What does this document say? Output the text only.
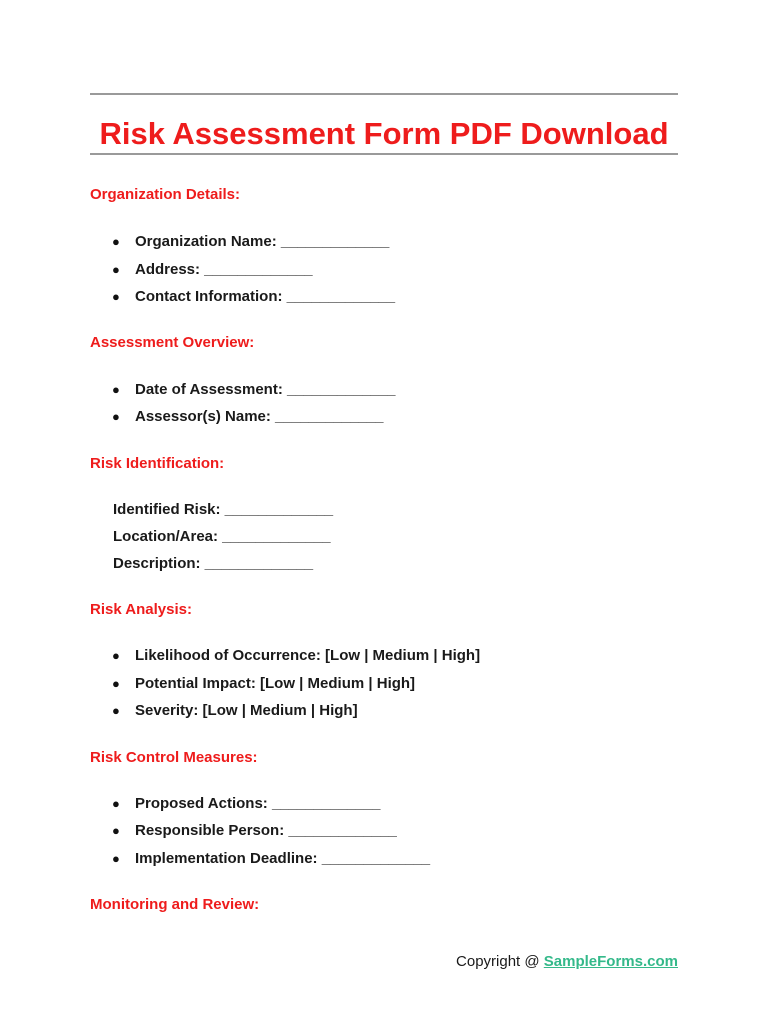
Risk Assessment Form PDF Download
Organization Details:
● Organization Name: _____________
● Address: _____________
● Contact Information: _____________
Assessment Overview:
● Date of Assessment: _____________
● Assessor(s) Name: _____________
Risk Identification:
Identified Risk: _____________
Location/Area: _____________
Description: _____________
Risk Analysis:
● Likelihood of Occurrence: [Low | Medium | High]
● Potential Impact: [Low | Medium | High]
● Severity: [Low | Medium | High]
Risk Control Measures:
● Proposed Actions: _____________
● Responsible Person: _____________
● Implementation Deadline: _____________
Monitoring and Review:
Copyright @ SampleForms.com
